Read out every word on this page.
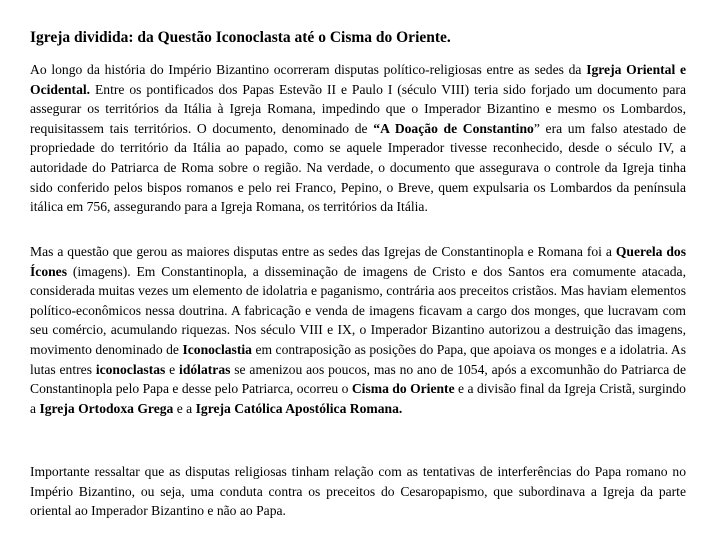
Igreja dividida: da Questão Iconoclasta até o Cisma do Oriente.

Ao longo da história do Império Bizantino ocorreram disputas político-religiosas entre as sedes da Igreja Oriental e Ocidental. Entre os pontificados dos Papas Estevão II e Paulo I (século VIII) teria sido forjado um documento para assegurar os territórios da Itália à Igreja Romana, impedindo que o Imperador Bizantino e mesmo os Lombardos, requisitassem tais territórios. O documento, denominado de “A Doação de Constantino” era um falso atestado de propriedade do território da Itália ao papado, como se aquele Imperador tivesse reconhecido, desde o século IV, a autoridade do Patriarca de Roma sobre o região. Na verdade, o documento que assegurava o controle da Igreja tinha sido conferido pelos bispos romanos e pelo rei Franco, Pepino, o Breve, quem expulsaria os Lombardos da península itálica em 756, assegurando para a Igreja Romana, os territórios da Itália.

Mas a questão que gerou as maiores disputas entre as sedes das Igrejas de Constantinopla e Romana foi a Querela dos Ícones (imagens). Em Constantinopla, a disseminação de imagens de Cristo e dos Santos era comumente atacada, considerada muitas vezes um elemento de idolatria e paganismo, contrária aos preceitos cristãos. Mas haviam elementos político-econômicos nessa doutrina. A fabricação e venda de imagens ficavam a cargo dos monges, que lucravam com seu comércio, acumulando riquezas. Nos século VIII e IX, o Imperador Bizantino autorizou a destruição das imagens, movimento denominado de Iconoclastia em contraposição as posições do Papa, que apoiava os monges e a idolatria. As lutas entres iconoclastas e idólatras se amenizou aos poucos, mas no ano de 1054, após a excomunhão do Patriarca de Constantinopla pelo Papa e desse pelo Patriarca, ocorreu o Cisma do Oriente e a divisão final da Igreja Cristã, surgindo a Igreja Ortodoxa Grega e a Igreja Católica Apostólica Romana.

Importante ressaltar que as disputas religiosas tinham relação com as tentativas de interferências do Papa romano no Império Bizantino, ou seja, uma conduta contra os preceitos do Cesaropapismo, que subordinava a Igreja da parte oriental ao Imperador Bizantino e não ao Papa.
